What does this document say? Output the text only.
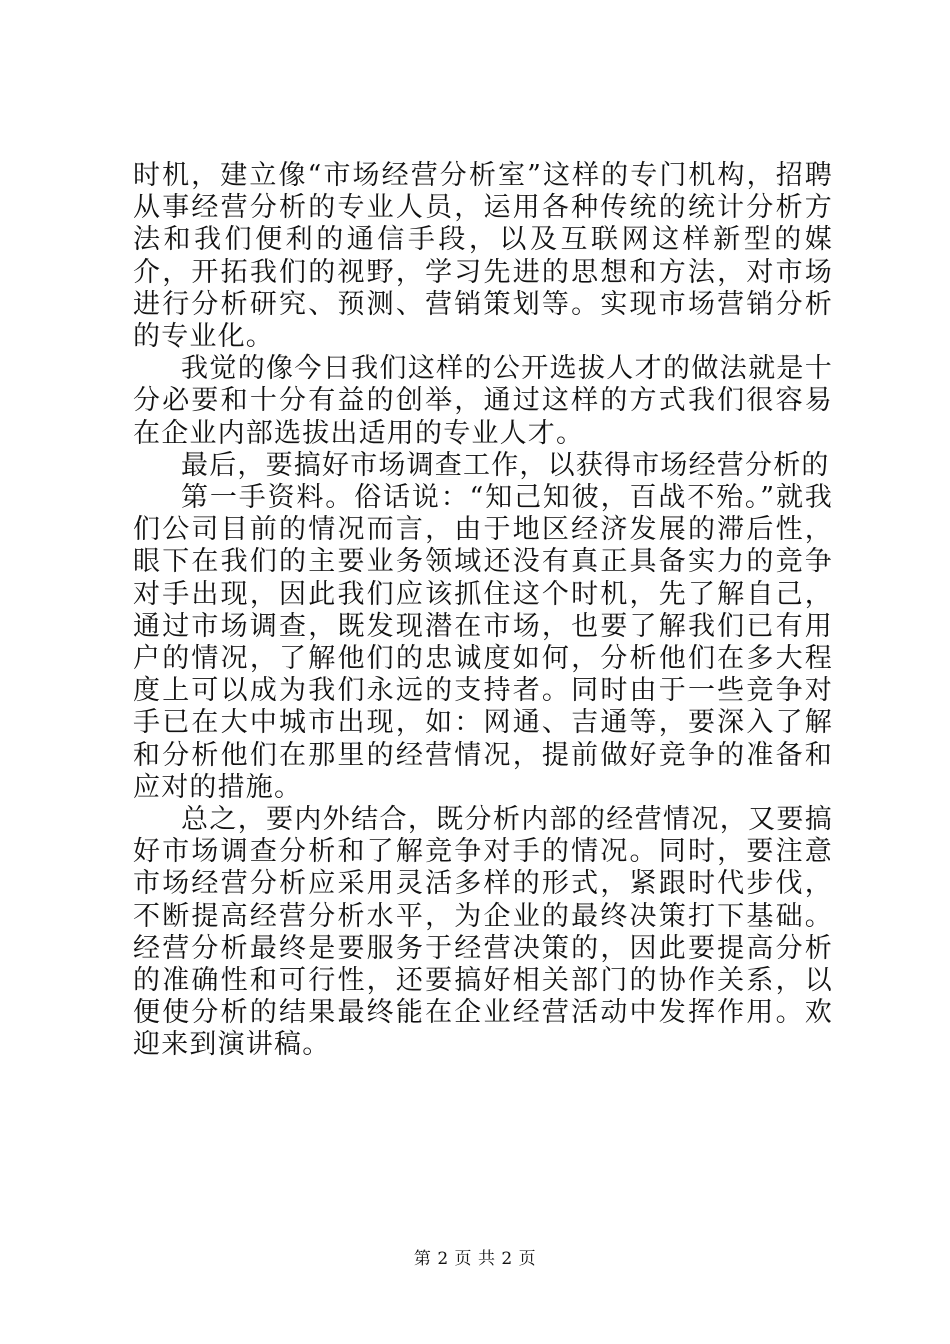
时机，建立像“市场经营分析室”这样的专门机构，招聘从事经营分析的专业人员，运用各种传统的统计分析方法和我们便利的通信手段，以及互联网这样新型的媒介，开拓我们的视野，学习先进的思想和方法，对市场进行分析研究、预测、营销策划等。实现市场营销分析的专业化。

我觉的像今日我们这样的公开选拔人才的做法就是十分必要和十分有益的创举，通过这样的方式我们很容易在企业内部选拔出适用的专业人才。

最后，要搞好市场调查工作，以获得市场经营分析的

第一手资料。俗话说：“知己知彼，百战不殆。”就我们公司目前的情况而言，由于地区经济发展的滞后性，眼下在我们的主要业务领域还没有真正具备实力的竞争对手出现，因此我们应该抓住这个时机，先了解自己，通过市场调查，既发现潜在市场，也要了解我们已有用户的情况，了解他们的忠诚度如何，分析他们在多大程度上可以成为我们永远的支持者。同时由于一些竞争对手已在大中城市出现，如：网通、吉通等，要深入了解和分析他们在那里的经营情况，提前做好竞争的准备和应对的措施。

总之，要内外结合，既分析内部的经营情况，又要搞好市场调查分析和了解竞争对手的情况。同时，要注意市场经营分析应采用灵活多样的形式，紧跟时代步伐，不断提高经营分析水平，为企业的最终决策打下基础。经营分析最终是要服务于经营决策的，因此要提高分析的准确性和可行性，还要搞好相关部门的协作关系，以便使分析的结果最终能在企业经营活动中发挥作用。欢迎来到演讲稿。

第 2 页 共 2 页
